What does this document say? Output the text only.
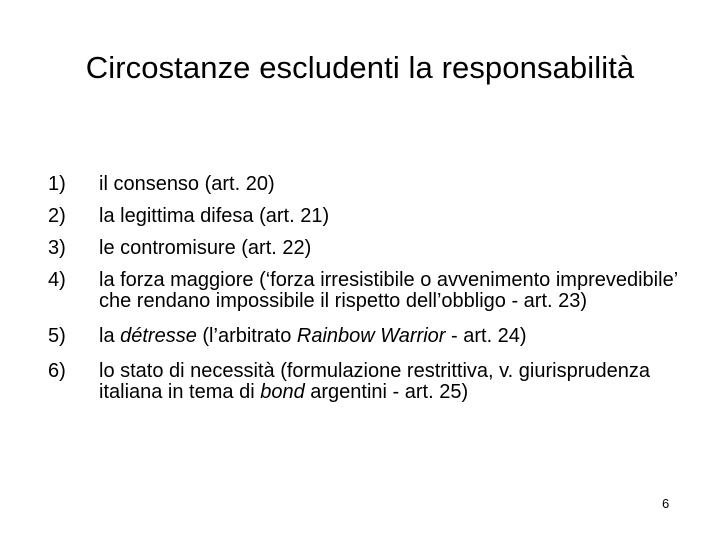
Circostanze escludenti la responsabilità
1) il consenso (art. 20)
2) la legittima difesa (art. 21)
3) le contromisure (art. 22)
4) la forza maggiore (‘forza irresistibile o avvenimento imprevedibile’ che rendano impossibile il rispetto dell’obbligo - art. 23)
5) la détresse (l’arbitrato Rainbow Warrior - art. 24)
6) lo stato di necessità (formulazione restrittiva, v. giurisprudenza italiana in tema di bond argentini - art. 25)
6
